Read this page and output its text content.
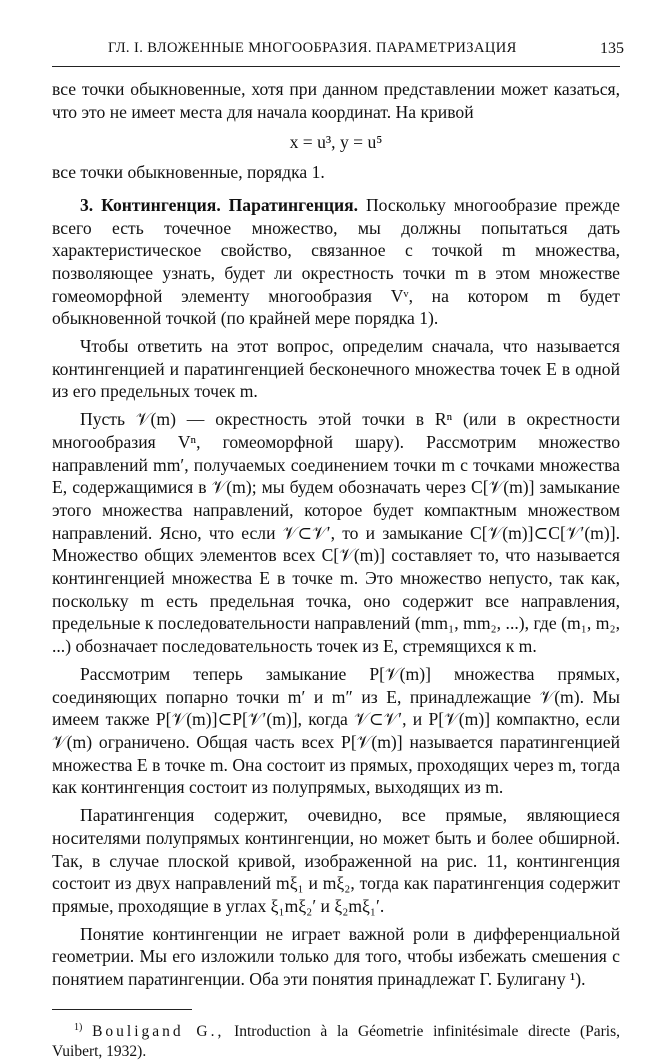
ГЛ. I. ВЛОЖЕННЫЕ МНОГООБРАЗИЯ. ПАРАМЕТРИЗАЦИЯ	135

все точки обыкновенные, хотя при данном представлении может казаться, что это не имеет места для начала координат. На кривой

x = u³, y = u⁵

все точки обыкновенные, порядка 1.

3. Контингенция. Паратингенция. Поскольку многообразие прежде всего есть точечное множество, мы должны попытаться дать характеристическое свойство, связанное с точкой m множества, позволяющее узнать, будет ли окрестность точки m в этом множестве гомеоморфной элементу многообразия Vᵛ, на котором m будет обыкновенной точкой (по крайней мере порядка 1).

Чтобы ответить на этот вопрос, определим сначала, что называется контингенцией и паратингенцией бесконечного множества точек E в одной из его предельных точек m.

Пусть 𝒱(m) — окрестность этой точки в Rⁿ (или в окрестности многообразия Vⁿ, гомеоморфной шару). Рассмотрим множество направлений mm′, получаемых соединением точки m с точками множества E, содержащимися в 𝒱(m); мы будем обозначать через C[𝒱(m)] замыкание этого множества направлений, которое будет компактным множеством направлений. Ясно, что если 𝒱⊂𝒱′, то и замыкание C[𝒱(m)]⊂C[𝒱′(m)]. Множество общих элементов всех C[𝒱(m)] составляет то, что называется контингенцией множества E в точке m. Это множество непусто, так как, поскольку m есть предельная точка, оно содержит все направления, предельные к последовательности направлений (mm₁, mm₂, ...), где (m₁, m₂, ...) обозначает последовательность точек из E, стремящихся к m.

Рассмотрим теперь замыкание P[𝒱(m)] множества прямых, соединяющих попарно точки m′ и m″ из E, принадлежащие 𝒱(m). Мы имеем также P[𝒱(m)]⊂P[𝒱′(m)], когда 𝒱⊂𝒱′, и P[𝒱(m)] компактно, если 𝒱(m) ограничено. Общая часть всех P[𝒱(m)] называется паратингенцией множества E в точке m. Она состоит из прямых, проходящих через m, тогда как контингенция состоит из полупрямых, выходящих из m.

Паратингенция содержит, очевидно, все прямые, являющиеся носителями полупрямых контингенции, но может быть и более обширной. Так, в случае плоской кривой, изображенной на рис. 11, контингенция состоит из двух направлений mξ₁ и mξ₂, тогда как паратингенция содержит прямые, проходящие в углах ξ₁mξ₂′ и ξ₂mξ₁′.

Понятие контингенции не играет важной роли в дифференциальной геометрии. Мы его изложили только для того, чтобы избежать смешения с понятием паратингенции. Оба эти понятия принадлежат Г. Булигану ¹).

$^{1)}$ Bouligand G., Introduction à la Géometrie infinitésimale directe (Paris, Vuibert, 1932).
